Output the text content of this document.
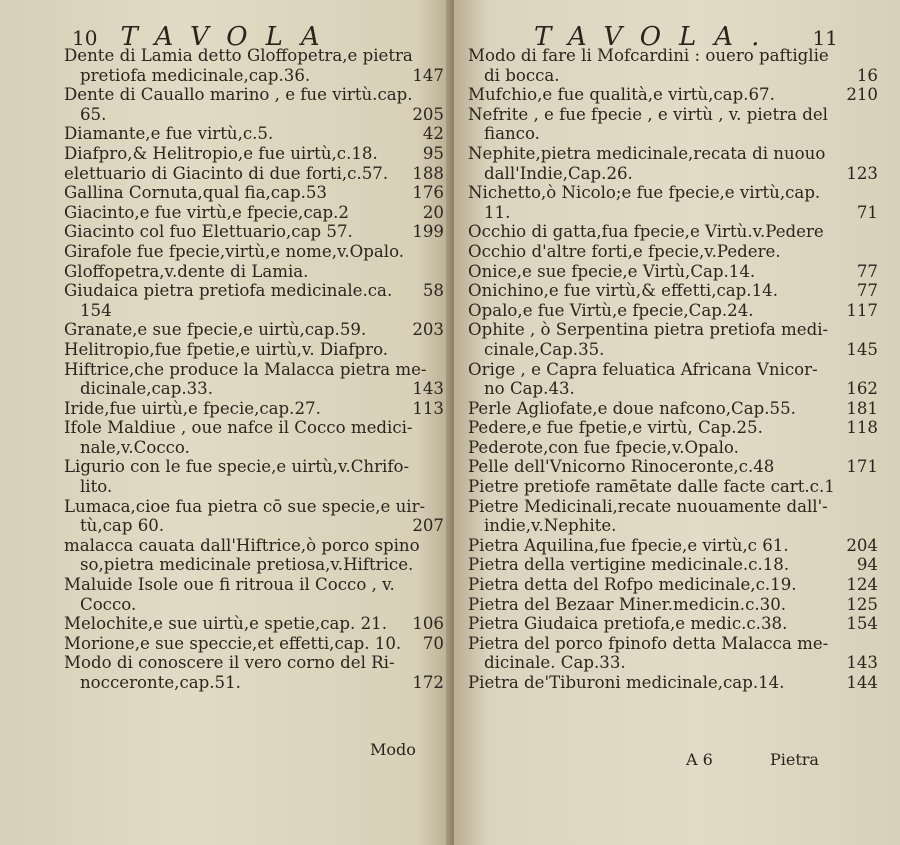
10 TAVOLA
Dente di Lamia detto Gloffopetra,e pietra
pretiofa medicinale,cap.36.	147
Dente di Cauallo marino , e fue virtù.cap.
65.	205
Diamante,e fue virtù,c.5.	42
Diafpro,& Helitropio,e fue uirtù,c.18.	95
elettuario di Giacinto di due forti,c.57.	188
Gallina Cornuta,qual fia,cap.53	176
Giacinto,e fue virtù,e fpecie,cap.2	20
Giacinto col fuo Elettuario,cap 57.	199
Girafole fue fpecie,virtù,e nome,v.Opalo.
Gloffopetra,v.dente di Lamia.
Giudaica pietra pretiofa medicinale.ca.	58
154
Granate,e sue fpecie,e uirtù,cap.59.	203
Helitropio,fue fpetie,e uirtù,v. Diafpro.
Hiftrice,che produce la Malacca pietra me-
dicinale,cap.33.	143
Iride,fue uirtù,e fpecie,cap.27.	113
Ifole Maldiue , oue nafce il Cocco medici-
nale,v.Cocco.
Ligurio con le fue specie,e uirtù,v.Chrifo-
lito.
Lumaca,cioe fua pietra cō sue specie,e uir-
tù,cap 60.	207
malacca cauata dall'Hiftrice,ò porco spino
so,pietra medicinale pretiosa,v.Hiftrice.
Maluide Isole oue fi ritroua il Cocco , v.
Cocco.
Melochite,e sue uirtù,e spetie,cap. 21.	106
Morione,e sue speccie,et effetti,cap. 10.	70
Modo di conoscere il vero corno del Ri-
nocceronte,cap.51.	172
Modo
TAVOLA. 11
Modo di fare li Mofcardini : ouero paftiglie
di bocca.	16
Mufchio,e fue qualità,e virtù,cap.67.	210
Nefrite , e fue fpecie , e virtù , v. pietra del
fianco.
Nephite,pietra medicinale,recata di nuouo
dall'Indie,Cap.26.	123
Nichetto,ò Nicolo;e fue fpecie,e virtù,cap.
11.	71
Occhio di gatta,fua fpecie,e Virtù.v.Pedere
Occhio d'altre forti,e fpecie,v.Pedere.
Onice,e sue fpecie,e Virtù,Cap.14.	77
Onichino,e fue virtù,& effetti,cap.14.	77
Opalo,e fue Virtù,e fpecie,Cap.24.	117
Ophite , ò Serpentina pietra pretiofa medi-
cinale,Cap.35.	145
Orige , e Capra feluatica Africana Vnicor-
no Cap.43.	162
Perle Agliofate,e doue nafcono,Cap.55.	181
Pedere,e fue fpetie,e virtù, Cap.25.	118
Pederote,con fue fpecie,v.Opalo.
Pelle dell'Vnicorno Rinoceronte,c.48	171
Pietre pretiofe ramētate dalle facte cart.c.1
Pietre Medicinali,recate nuouamente dall'-
indie,v.Nephite.
Pietra Aquilina,fue fpecie,e virtù,c 61.	204
Pietra della vertigine medicinale.c.18.	94
Pietra detta del Rofpo medicinale,c.19.	124
Pietra del Bezaar Miner.medicin.c.30.	125
Pietra Giudaica pretiofa,e medic.c.38.	154
Pietra del porco fpinofo detta Malacca me-
dicinale. Cap.33.	143
Pietra de'Tiburoni medicinale,cap.14.	144
A 6	Pietra
